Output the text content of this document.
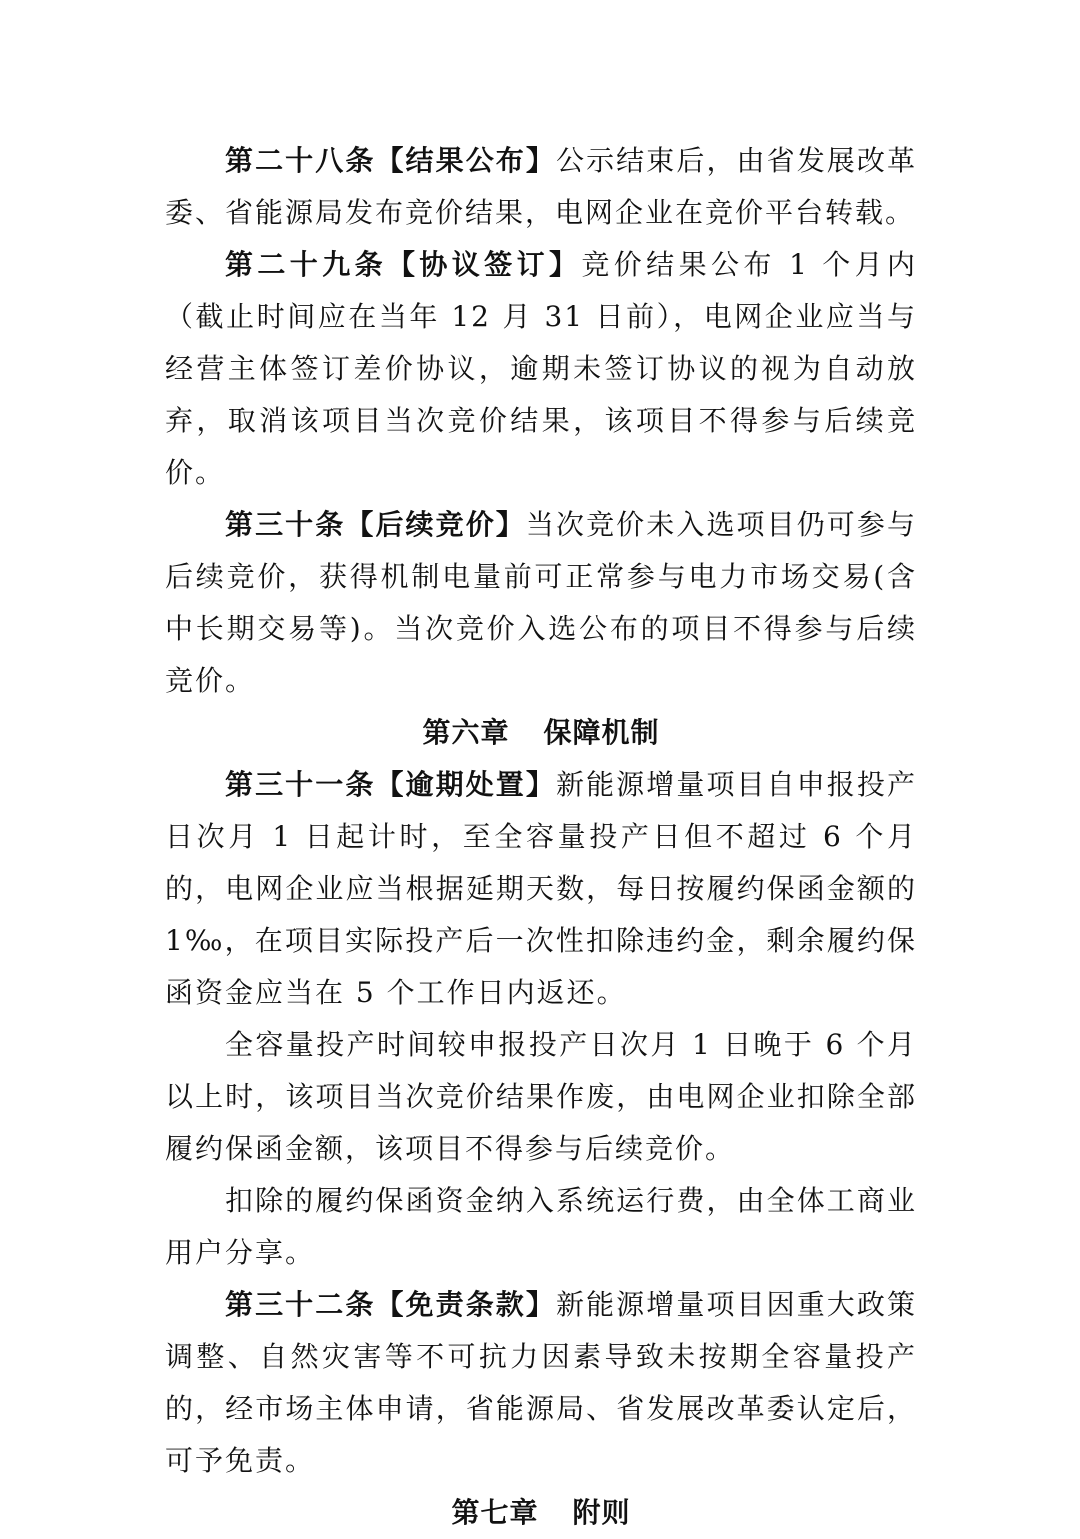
第二十八条【结果公布】公示结束后，由省发展改革委、省能源局发布竞价结果，电网企业在竞价平台转载。

第二十九条【协议签订】竞价结果公布 1 个月内（截止时间应在当年 12 月 31 日前），电网企业应当与经营主体签订差价协议，逾期未签订协议的视为自动放弃，取消该项目当次竞价结果，该项目不得参与后续竞价。

第三十条【后续竞价】当次竞价未入选项目仍可参与后续竞价，获得机制电量前可正常参与电力市场交易(含中长期交易等)。当次竞价入选公布的项目不得参与后续竞价。

第六章 保障机制

第三十一条【逾期处置】新能源增量项目自申报投产日次月 1 日起计时，至全容量投产日但不超过 6 个月的，电网企业应当根据延期天数，每日按履约保函金额的 1‰，在项目实际投产后一次性扣除违约金，剩余履约保函资金应当在 5 个工作日内返还。

全容量投产时间较申报投产日次月 1 日晚于 6 个月以上时，该项目当次竞价结果作废，由电网企业扣除全部履约保函金额，该项目不得参与后续竞价。

扣除的履约保函资金纳入系统运行费，由全体工商业用户分享。

第三十二条【免责条款】新能源增量项目因重大政策调整、自然灾害等不可抗力因素导致未按期全容量投产的，经市场主体申请，省能源局、省发展改革委认定后，可予免责。

第七章 附则
